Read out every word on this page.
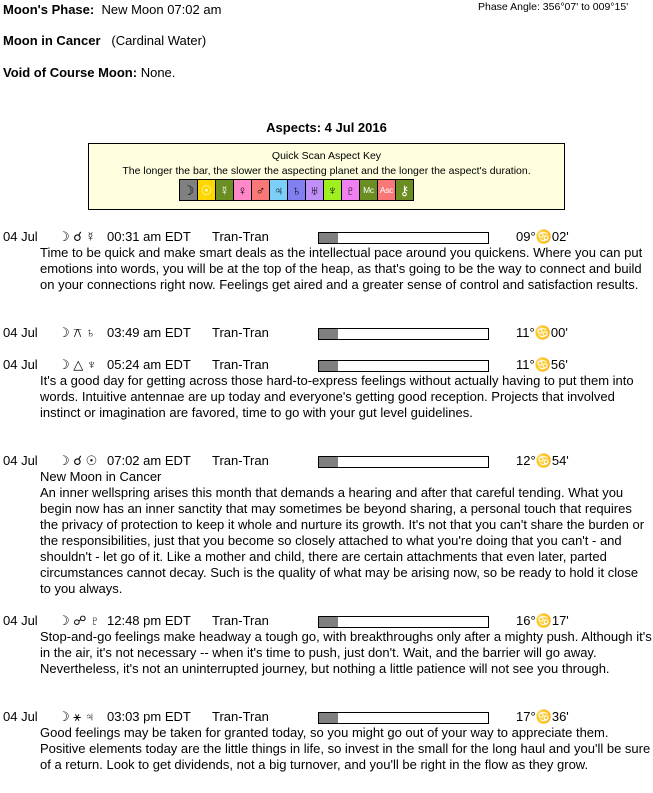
Moon's Phase: New Moon 07:02 am	Phase Angle: 356°07' to 009°15'
Moon in Cancer (Cardinal Water)
Void of Course Moon: None.
Aspects: 4 Jul 2016
Quick Scan Aspect Key
The longer the bar, the slower the aspecting planet and the longer the aspect's duration.
☽ ☉ ☿ ♀ ♂ ♃ ♄ ♅ ♆ ♇ Mc Asc ⚷
04 Jul ☽ ☌ ☿ 00:31 am EDT Tran-Tran	09°♋02'
Time to be quick and make smart deals as the intellectual pace around you quickens. Where you can put emotions into words, you will be at the top of the heap, as that's going to be the way to connect and build on your connections right now. Feelings get aired and a greater sense of control and satisfaction results.
04 Jul ☽ ⚻ ♄ 03:49 am EDT Tran-Tran	11°♋00'
04 Jul ☽ △ ♆ 05:24 am EDT Tran-Tran	11°♋56'
It's a good day for getting across those hard-to-express feelings without actually having to put them into words. Intuitive antennae are up today and everyone's getting good reception. Projects that involved instinct or imagination are favored, time to go with your gut level guidelines.
04 Jul ☽ ☌ ☉ 07:02 am EDT Tran-Tran	12°♋54'
New Moon in Cancer
An inner wellspring arises this month that demands a hearing and after that careful tending. What you begin now has an inner sanctity that may sometimes be beyond sharing, a personal touch that requires the privacy of protection to keep it whole and nurture its growth. It's not that you can't share the burden or the responsibilities, just that you become so closely attached to what you're doing that you can't - and shouldn't - let go of it. Like a mother and child, there are certain attachments that even later, parted circumstances cannot decay. Such is the quality of what may be arising now, so be ready to hold it close to you always.
04 Jul ☽ ☍ ♇ 12:48 pm EDT Tran-Tran	16°♋17'
Stop-and-go feelings make headway a tough go, with breakthroughs only after a mighty push. Although it's in the air, it's not necessary -- when it's time to push, just don't. Wait, and the barrier will go away. Nevertheless, it's not an uninterrupted journey, but nothing a little patience will not see you through.
04 Jul ☽ ⚹ ♃ 03:03 pm EDT Tran-Tran	17°♋36'
Good feelings may be taken for granted today, so you might go out of your way to appreciate them. Positive elements today are the little things in life, so invest in the small for the long haul and you'll be sure of a return. Look to get dividends, not a big turnover, and you'll be right in the flow as they grow.
